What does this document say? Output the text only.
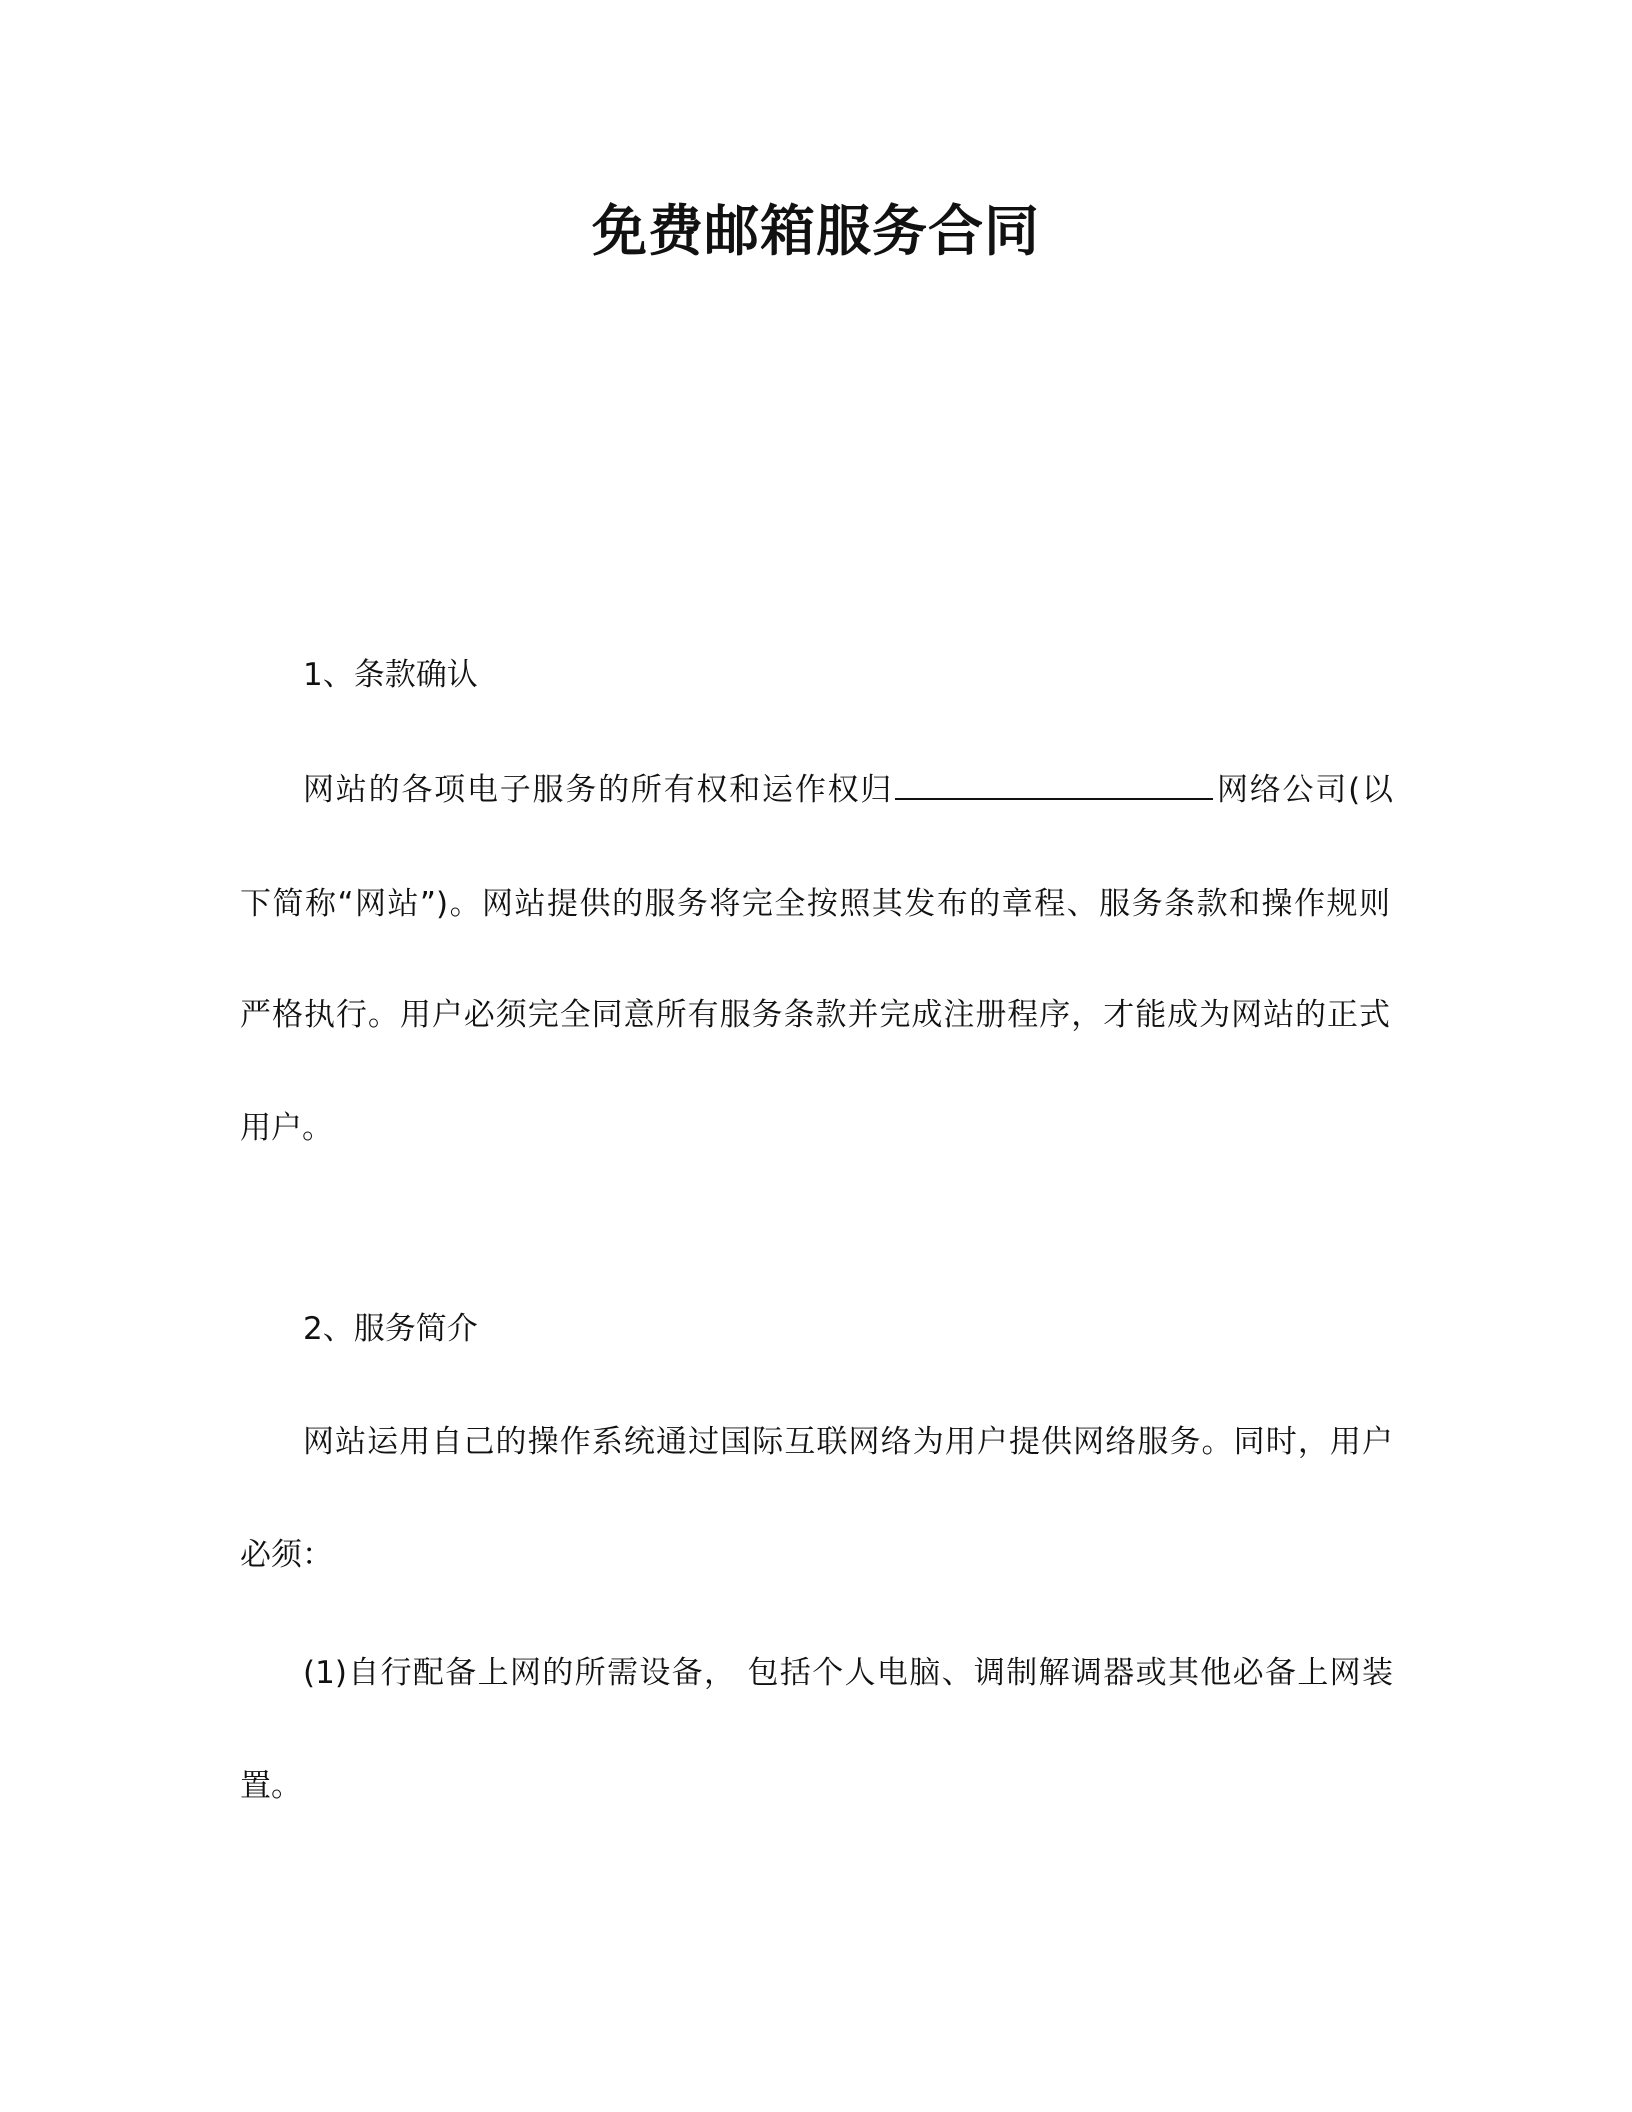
免费邮箱服务合同
1、条款确认
网站的各项电子服务的所有权和运作权归	网络公司(以
下简称“网站”)。网站提供的服务将完全按照其发布的章程、服务条款和操作规则
严格执行。用户必须完全同意所有服务条款并完成注册程序，才能成为网站的正式
用户。
2、服务简介
网站运用自己的操作系统通过国际互联网络为用户提供网络服务。同时，用户
必须：
(1)自行配备上网的所需设备， 包括个人电脑、调制解调器或其他必备上网装
置。
